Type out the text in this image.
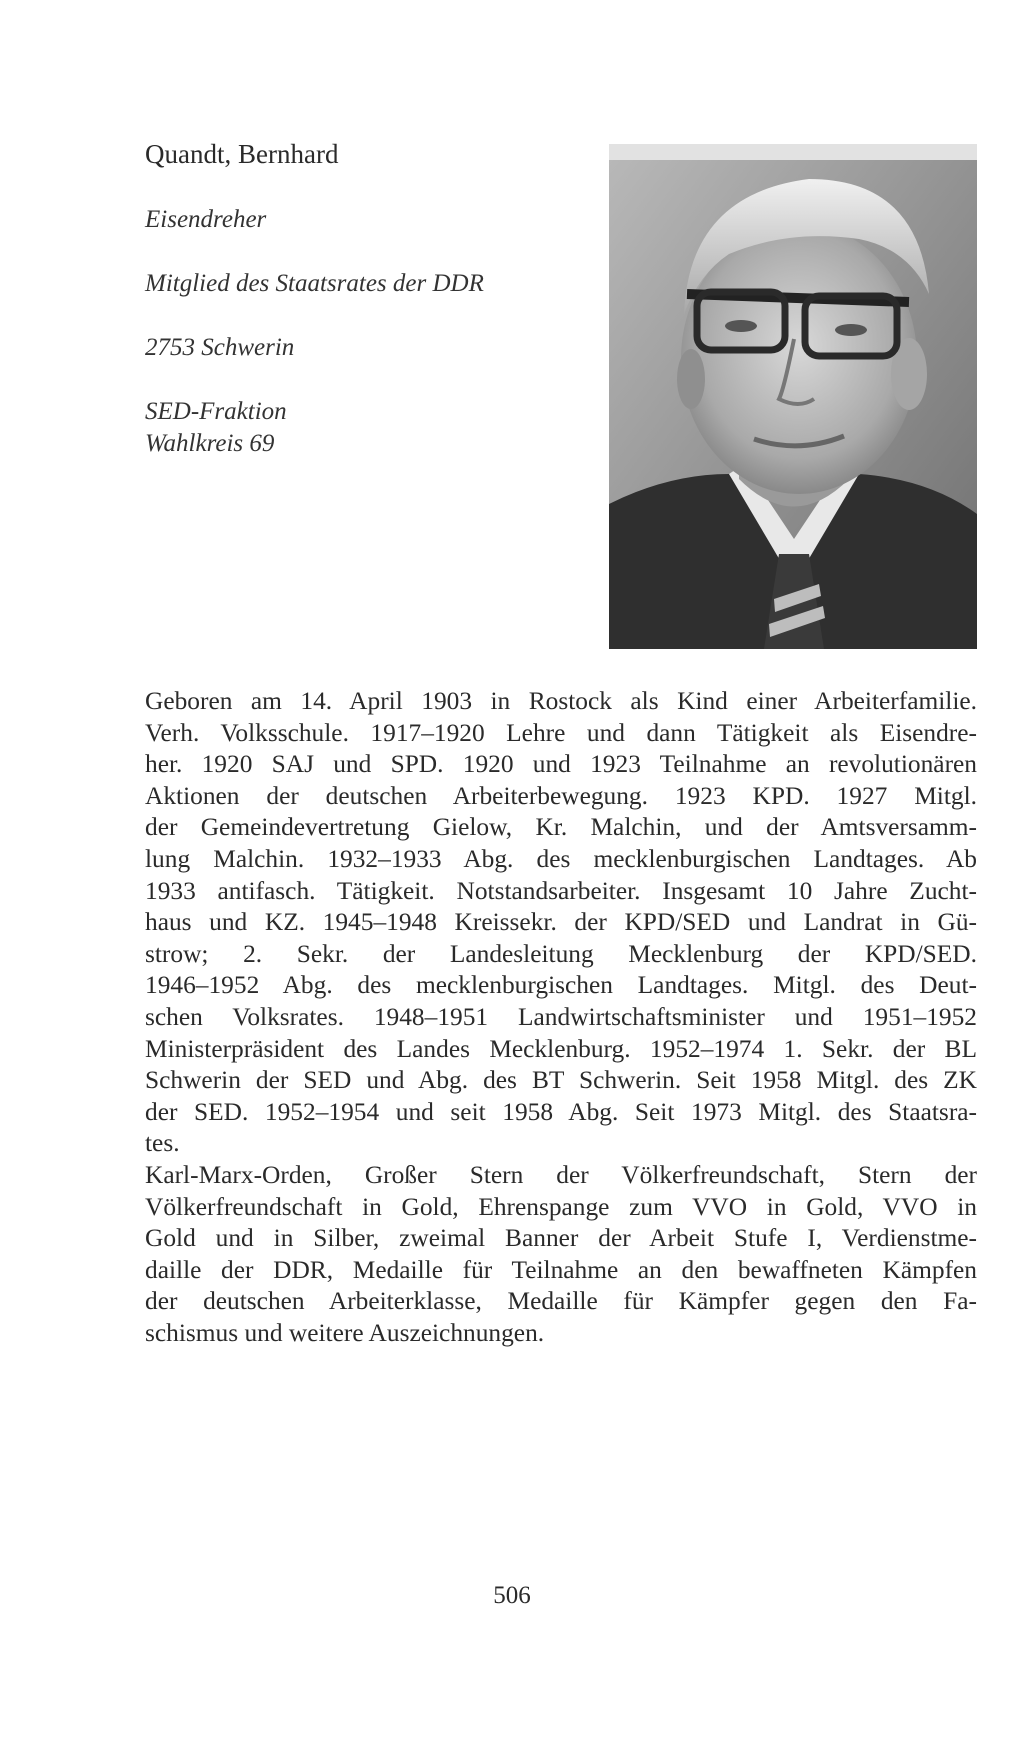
Quandt, Bernhard

Eisendreher

Mitglied des Staatsrates der DDR

2753 Schwerin

SED-Fraktion

Wahlkreis 69

Geboren am 14. April 1903 in Rostock als Kind einer Arbeiterfamilie.
Verh. Volksschule. 1917–1920 Lehre und dann Tätigkeit als Eisendre-
her. 1920 SAJ und SPD. 1920 und 1923 Teilnahme an revolutionären
Aktionen der deutschen Arbeiterbewegung. 1923 KPD. 1927 Mitgl.
der Gemeindevertretung Gielow, Kr. Malchin, und der Amtsversamm-
lung Malchin. 1932–1933 Abg. des mecklenburgischen Landtages. Ab
1933 antifasch. Tätigkeit. Notstandsarbeiter. Insgesamt 10 Jahre Zucht-
haus und KZ. 1945–1948 Kreissekr. der KPD/SED und Landrat in Gü-
strow; 2. Sekr. der Landesleitung Mecklenburg der KPD/SED.
1946–1952 Abg. des mecklenburgischen Landtages. Mitgl. des Deut-
schen Volksrates. 1948–1951 Landwirtschaftsminister und 1951–1952
Ministerpräsident des Landes Mecklenburg. 1952–1974 1. Sekr. der BL
Schwerin der SED und Abg. des BT Schwerin. Seit 1958 Mitgl. des ZK
der SED. 1952–1954 und seit 1958 Abg. Seit 1973 Mitgl. des Staatsra-
tes.
Karl-Marx-Orden, Großer Stern der Völkerfreundschaft, Stern der
Völkerfreundschaft in Gold, Ehrenspange zum VVO in Gold, VVO in
Gold und in Silber, zweimal Banner der Arbeit Stufe I, Verdienstme-
daille der DDR, Medaille für Teilnahme an den bewaffneten Kämpfen
der deutschen Arbeiterklasse, Medaille für Kämpfer gegen den Fa-
schismus und weitere Auszeichnungen.
506
